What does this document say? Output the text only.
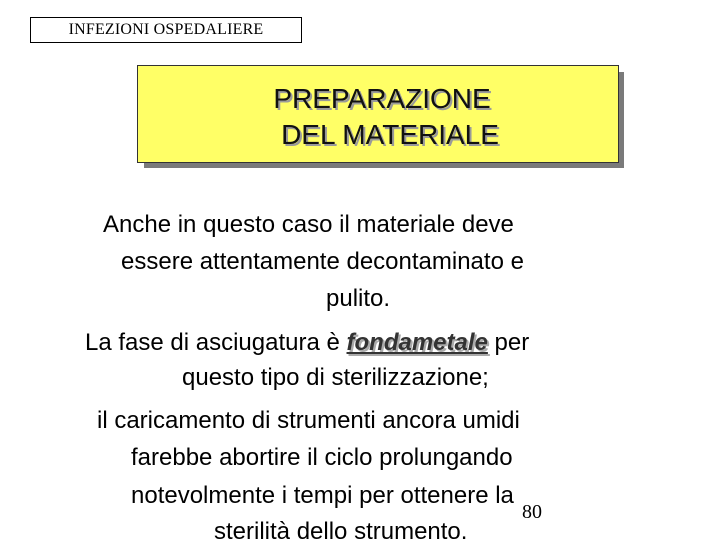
INFEZIONI OSPEDALIERE
PREPARAZIONE
DEL MATERIALE
Anche in questo caso il materiale deve
essere attentamente decontaminato e
pulito.
La fase di asciugatura è fondametale per
questo tipo di sterilizzazione;
il caricamento di strumenti ancora umidi
farebbe abortire il ciclo prolungando
notevolmente i tempi per ottenere la
sterilità dello strumento.
80
